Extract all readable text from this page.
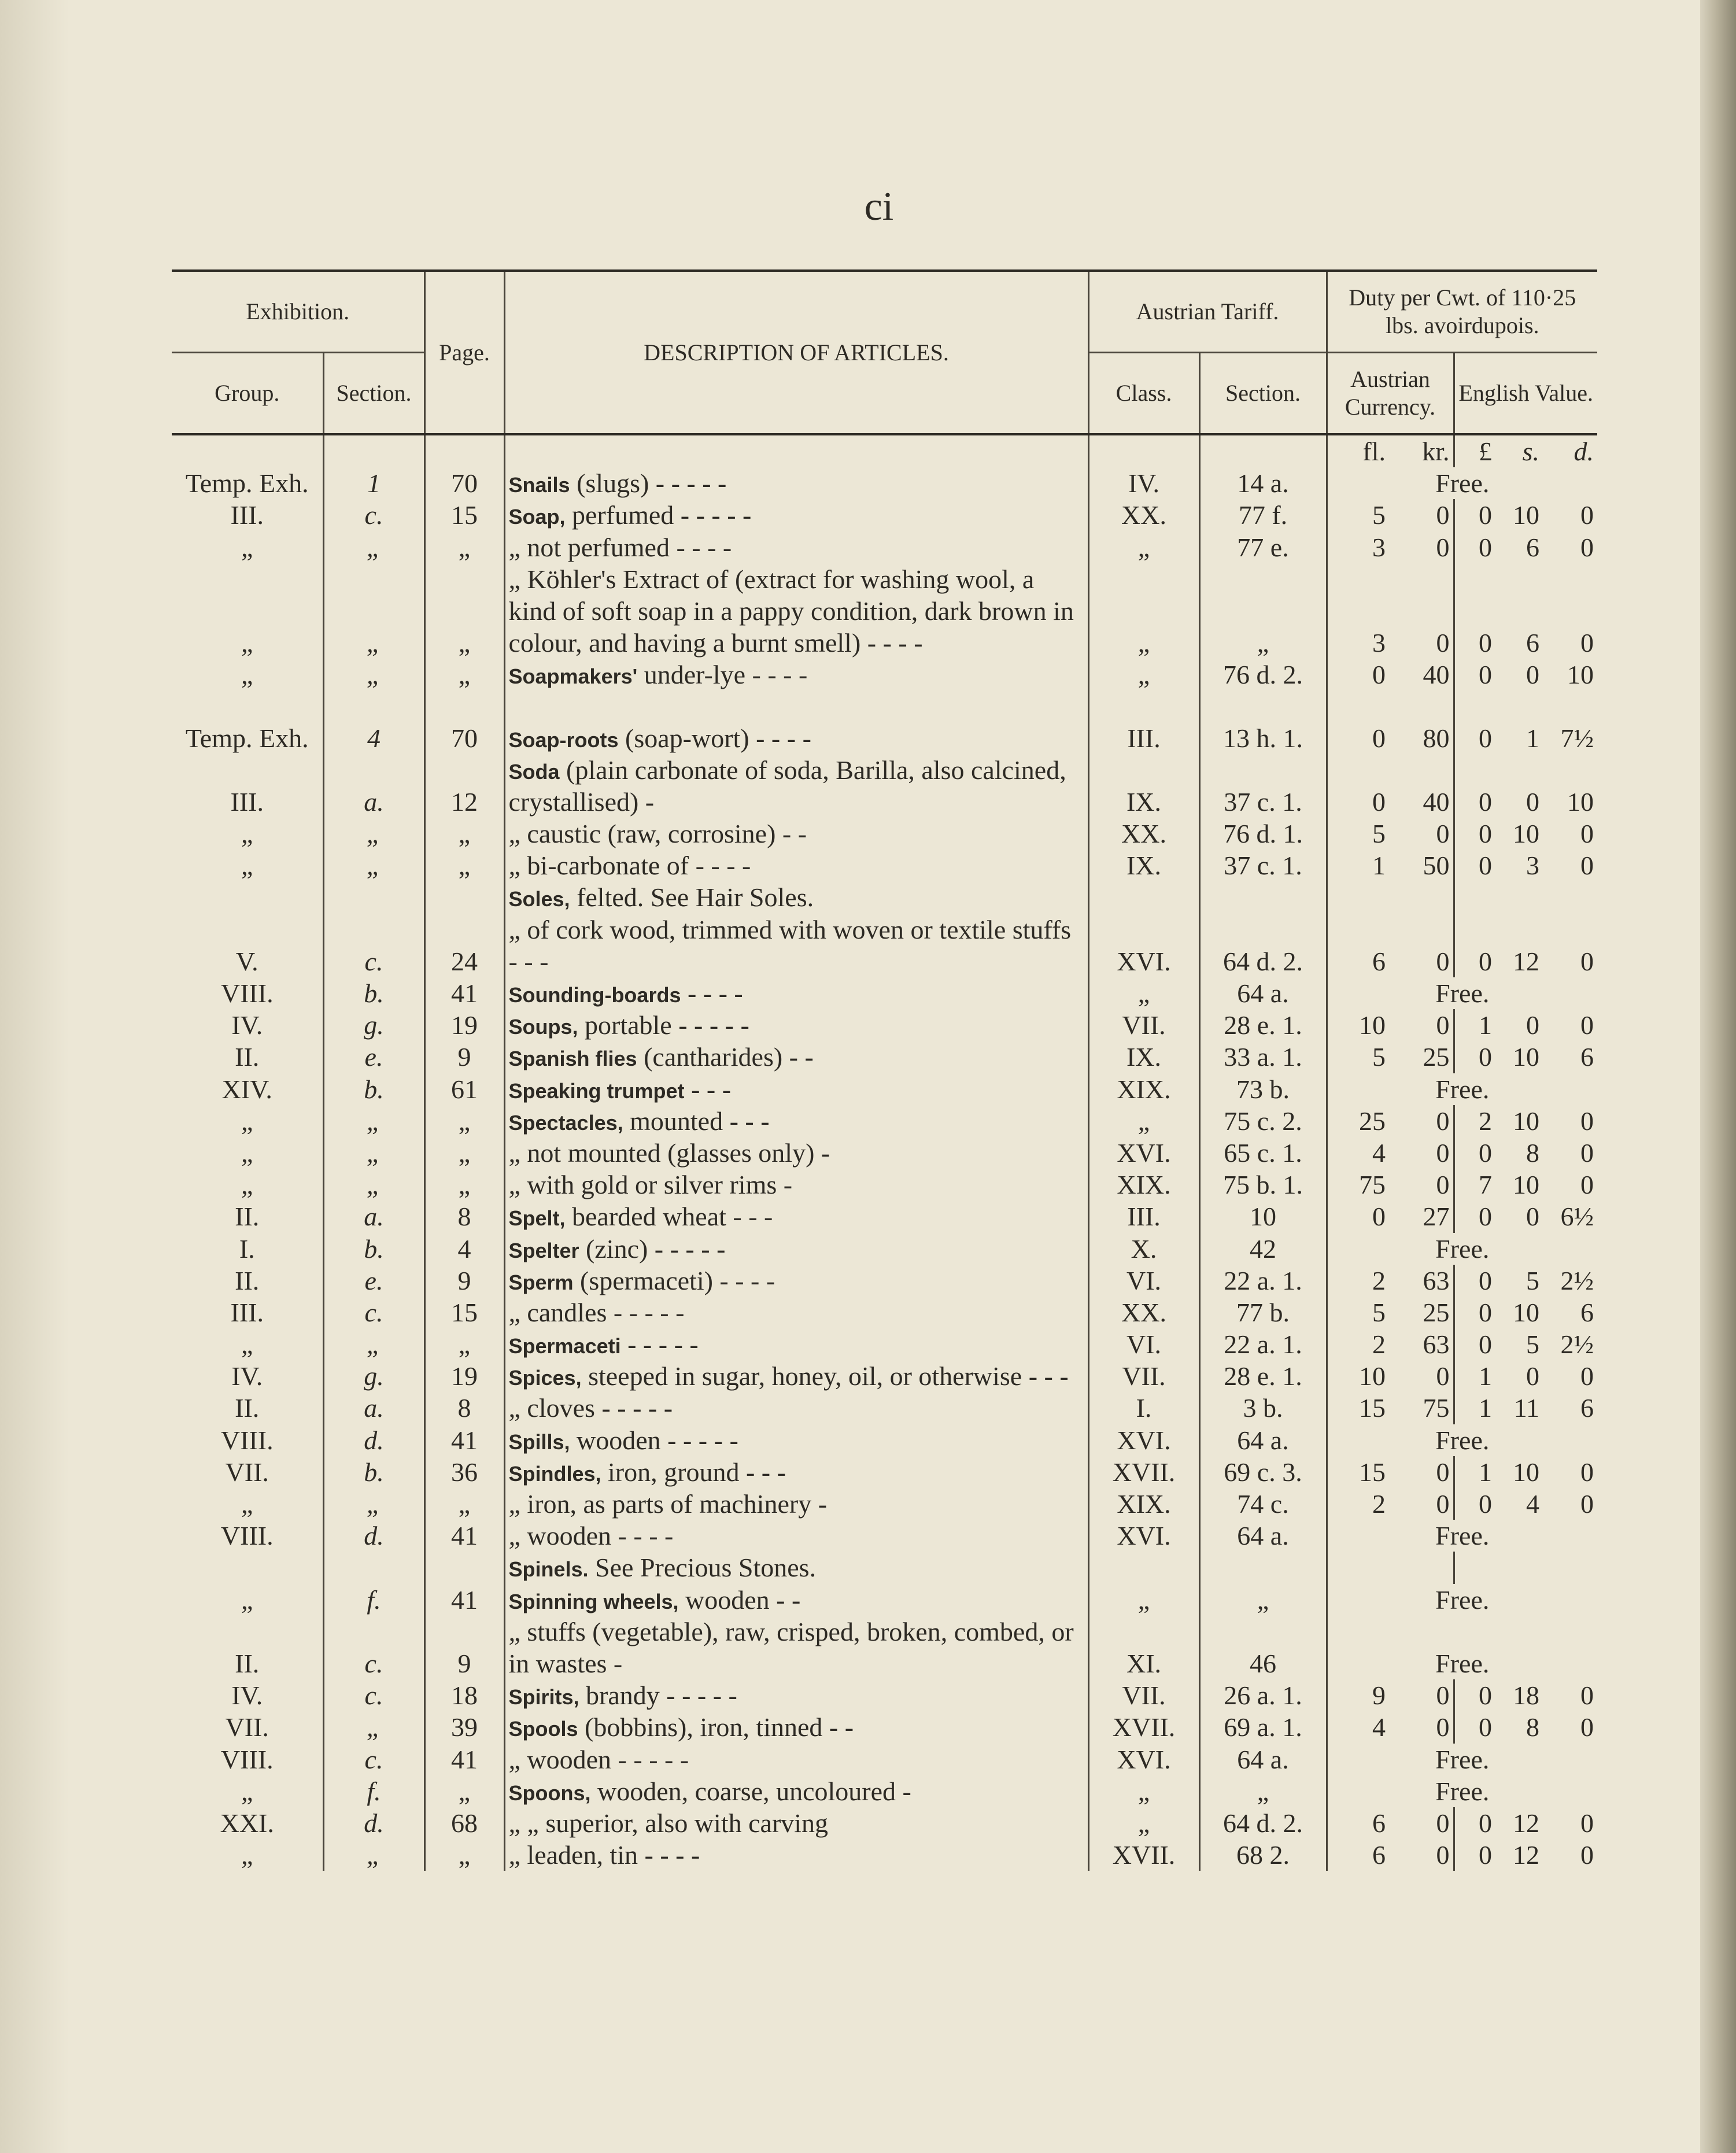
ci
Exhibition.		Page.	DESCRIPTION OF ARTICLES.	Austrian Tariff.		Duty per Cwt. of 110·25 lbs. avoirdupois.				
Group.	Section.			Class.	Section.	Austrian Currency.		English Value.		
						fl.	kr.	£	s.	d.
Temp. Exh.	1	70	Snails (slugs) - - - - -	IV.	14 a.	Free.				
III.	c.	15	Soap, perfumed - - - - -	XX.	77 f.	5	0	0	10	0
„	„	„	„ not perfumed - - - -	„	77 e.	3	0	0	6	0
„	„	„	„ Köhler's Extract of (extract for washing wool, a kind of soft soap in a pappy condition, dark brown in colour, and having a burnt smell) - - - -	„	„	3	0	0	6	0
„	„	„	Soapmakers' under-lye - - - -	„	76 d. 2.	0	40	0	0	10

Temp. Exh.	4	70	Soap-roots (soap-wort) - - - -	III.	13 h. 1.	0	80	0	1	7½
III.	a.	12	Soda (plain carbonate of soda, Barilla, also calcined, crystallised) -	IX.	37 c. 1.	0	40	0	0	10
„	„	„	„ caustic (raw, corrosine) - -	XX.	76 d. 1.	5	0	0	10	0
„	„	„	„ bi-carbonate of - - - -	IX.	37 c. 1.	1	50	0	3	0
			Soles, felted. See Hair Soles.							
V.	c.	24	„ of cork wood, trimmed with woven or textile stuffs - - -	XVI.	64 d. 2.	6	0	0	12	0
VIII.	b.	41	Sounding-boards - - - -	„	64 a.	Free.				
IV.	g.	19	Soups, portable - - - - -	VII.	28 e. 1.	10	0	1	0	0
II.	e.	9	Spanish flies (cantharides) - -	IX.	33 a. 1.	5	25	0	10	6
XIV.	b.	61	Speaking trumpet - - -	XIX.	73 b.	Free.				
„	„	„	Spectacles, mounted - - -	„	75 c. 2.	25	0	2	10	0
„	„	„	„ not mounted (glasses only) -	XVI.	65 c. 1.	4	0	0	8	0
„	„	„	„ with gold or silver rims -	XIX.	75 b. 1.	75	0	7	10	0
II.	a.	8	Spelt, bearded wheat - - -	III.	10	0	27	0	0	6½
I.	b.	4	Spelter (zinc) - - - - -	X.	42	Free.				
II.	e.	9	Sperm (spermaceti) - - - -	VI.	22 a. 1.	2	63	0	5	2½
III.	c.	15	„ candles - - - - -	XX.	77 b.	5	25	0	10	6
„	„	„	Spermaceti - - - - -	VI.	22 a. 1.	2	63	0	5	2½
IV.	g.	19	Spices, steeped in sugar, honey, oil, or otherwise - - -	VII.	28 e. 1.	10	0	1	0	0
II.	a.	8	„ cloves - - - - -	I.	3 b.	15	75	1	11	6
VIII.	d.	41	Spills, wooden - - - - -	XVI.	64 a.	Free.				
VII.	b.	36	Spindles, iron, ground - - -	XVII.	69 c. 3.	15	0	1	10	0
„	„	„	„ iron, as parts of machinery -	XIX.	74 c.	2	0	0	4	0
VIII.	d.	41	„ wooden - - - -	XVI.	64 a.	Free.				
			Spinels. See Precious Stones.							
„	f.	41	Spinning wheels, wooden - -	„	„	Free.				
II.	c.	9	„ stuffs (vegetable), raw, crisped, broken, combed, or in wastes -	XI.	46	Free.				
IV.	c.	18	Spirits, brandy - - - - -	VII.	26 a. 1.	9	0	0	18	0
VII.	„	39	Spools (bobbins), iron, tinned - -	XVII.	69 a. 1.	4	0	0	8	0
VIII.	c.	41	„ wooden - - - - -	XVI.	64 a.	Free.				
„	f.	„	Spoons, wooden, coarse, uncoloured -	„	„	Free.				
XXI.	d.	68	„ „ superior, also with carving	„	64 d. 2.	6	0	0	12	0
„	„	„	„ leaden, tin - - - -	XVII.	68 2.	6	0	0	12	0
